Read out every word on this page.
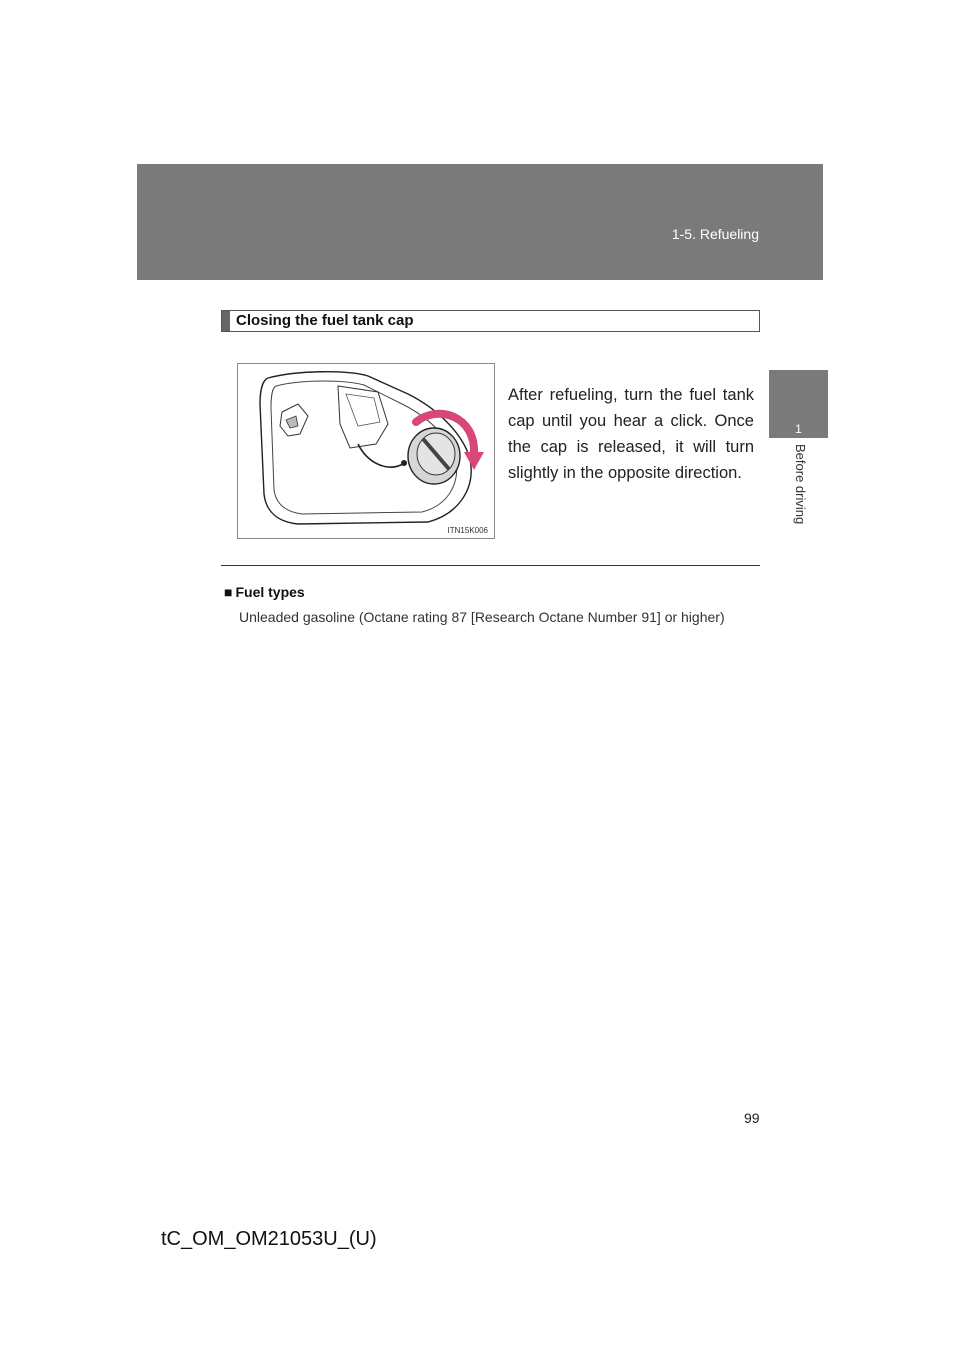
1-5. Refueling
1
Before driving
Closing the fuel tank cap
ITN15K006
After refueling, turn the fuel tank cap until you hear a click. Once the cap is released, it will turn slightly in the opposite direction.
■ Fuel types
Unleaded gasoline (Octane rating 87 [Research Octane Number 91] or higher)
99
tC_OM_OM21053U_(U)
